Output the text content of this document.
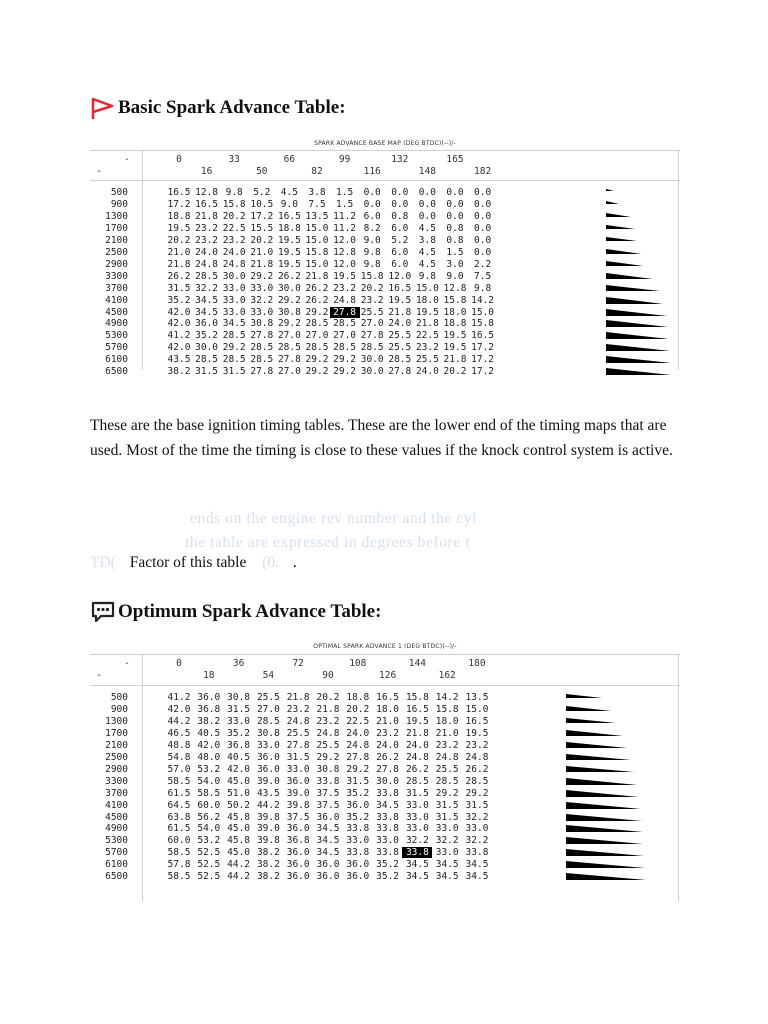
Basic Spark Advance Table:
SPARK ADVANCE BASE MAP (DEG BTDC)(--)/-
-
-
0	33	66	99	132	165
16	50	82	116	148	182
500	16.5 12.8 9.8	5.2	4.5	3.8	1.5	0.0	0.0	0.0	0.0	0.0
900	17.2 16.5 15.8 10.5 9.0	7.5	1.5	0.0	0.0	0.0	0.0	0.0
1300	18.8 21.8 20.2 17.2 16.5 13.5 11.2 6.0	0.8	0.0	0.0	0.0
1700	19.5 23.2 22.5 15.5 18.8 15.0 11.2 8.2	6.0	4.5	0.8	0.0
2100	20.2 23.2 23.2 20.2 19.5 15.0 12.0 9.0	5.2	3.8	0.8	0.0
2500	21.0 24.0 24.0 21.0 19.5 15.8 12.8 9.8	6.0	4.5	1.5	0.0
2900	21.8 24.8 24.8 21.8 19.5 15.0 12.0 9.8	6.0	4.5	3.0	2.2
3300	26.2 28.5 30.0 29.2 26.2 21.8 19.5 15.8 12.0 9.8	9.0	7.5
3700	31.5 32.2 33.0 33.0 30.0 26.2 23.2 20.2 16.5 15.0 12.8 9.8
4100	35.2 34.5 33.0 32.2 29.2 26.2 24.8 23.2 19.5 18.0 15.8 14.2
4500	42.0 34.5 33.0 33.0 30.8 29.2 27.8 25.5 21.8 19.5 18.0 15.0
4900	42.0 36.0 34.5 30.8 29.2 28.5 28.5 27.0 24.0 21.8 18.8 15.8
5300	41.2 35.2 28.5 27.8 27.0 27.0 27.0 27.8 25.5 22.5 19.5 16.5
5700	42.0 30.0 29.2 28.5 28.5 28.5 28.5 28.5 25.5 23.2 19.5 17.2
6100	43.5 28.5 28.5 28.5 27.8 29.2 29.2 30.0 28.5 25.5 21.8 17.2
6500	38.2 31.5 31.5 27.8 27.0 29.2 29.2 30.0 27.8 24.0 20.2 17.2
These are the base ignition timing tables. These are the lower end of the timing maps that are used. Most of the time the timing is close to these values if the knock control system is active.
ends on the engine rev number and the cyl
the table are expressed in degrees before t
TD( Factor of this table (0. .
Optimum Spark Advance Table:
OPTIMAL SPARK ADVANCE 1 (DEG BTDC)(--)/-
-
-
0	36	72	108	144	180
18	54	90	126	162
500	41.2 36.0 30.8 25.5 21.8 20.2 18.8 16.5 15.8 14.2 13.5
900	42.0 36.8 31.5 27.0 23.2 21.8 20.2 18.0 16.5 15.8 15.0
1300	44.2 38.2 33.0 28.5 24.8 23.2 22.5 21.0 19.5 18.0 16.5
1700	46.5 40.5 35.2 30.8 25.5 24.8 24.0 23.2 21.8 21.0 19.5
2100	48.8 42.0 36.8 33.0 27.8 25.5 24.8 24.0 24.0 23.2 23.2
2500	54.8 48.0 40.5 36.0 31.5 29.2 27.8 26.2 24.8 24.8 24.8
2900	57.0 53.2 42.0 36.0 33.0 30.8 29.2 27.8 26.2 25.5 26.2
3300	58.5 54.0 45.0 39.0 36.0 33.8 31.5 30.0 28.5 28.5 28.5
3700	61.5 58.5 51.0 43.5 39.0 37.5 35.2 33.8 31.5 29.2 29.2
4100	64.5 60.0 50.2 44.2 39.8 37.5 36.0 34.5 33.0 31.5 31.5
4500	63.8 56.2 45.8 39.8 37.5 36.0 35.2 33.8 33.0 31.5 32.2
4900	61.5 54.0 45.0 39.0 36.0 34.5 33.8 33.8 33.0 33.0 33.0
5300	60.0 53.2 45.8 39.8 36.8 34.5 33.0 33.0 32.2 32.2 32.2
5700	58.5 52.5 45.0 38.2 36.0 34.5 33.8 33.8 33.8 33.0 33.8
6100	57.8 52.5 44.2 38.2 36.0 36.0 36.0 35.2 34.5 34.5 34.5
6500	58.5 52.5 44.2 38.2 36.0 36.0 36.0 35.2 34.5 34.5 34.5
